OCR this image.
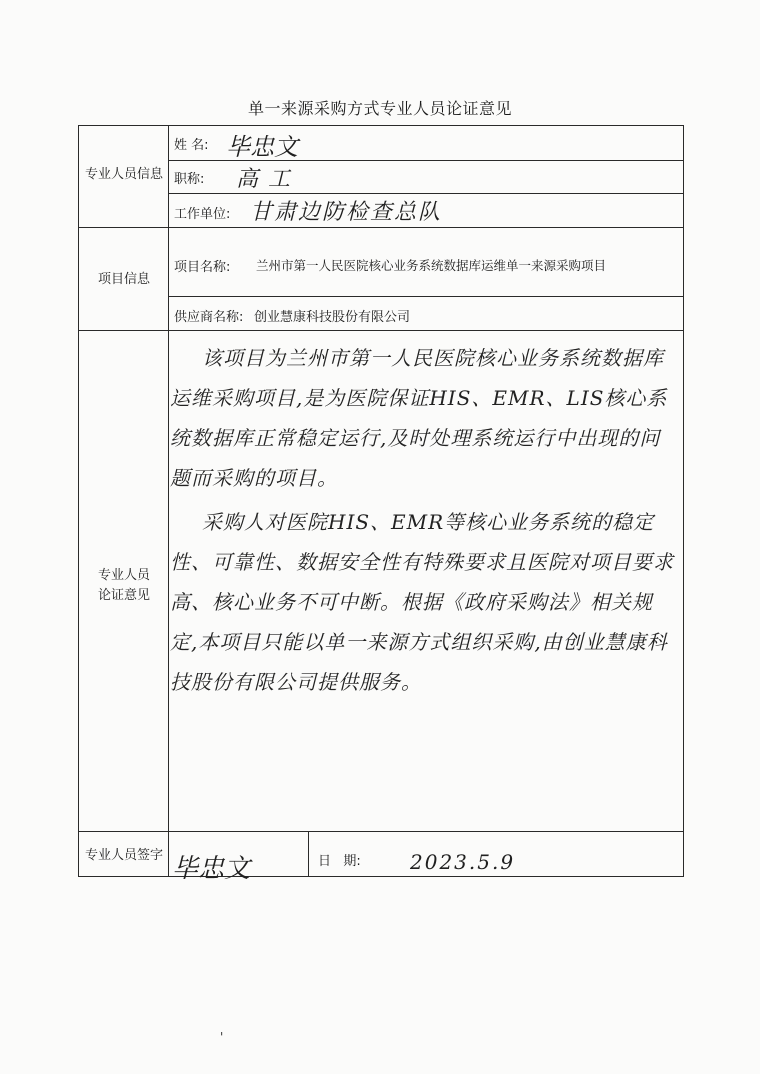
单一来源采购方式专业人员论证意见
专业人员信息
项目信息
专业人员
论证意见
专业人员签字
姓 名: 毕忠文
职称: 高工
工作单位: 甘肃边防检查总队
项目名称: 兰州市第一人民医院核心业务系统数据库运维单一来源采购项目
供应商名称: 创业慧康科技股份有限公司

该项目为兰州市第一人民医院核心业务系统数据库运维采购项目,是为医院保证HIS、EMR、LIS核心系统数据库正常稳定运行,及时处理系统运行中出现的问题而采购的项目。

采购人对医院HIS、EMR等核心业务系统的稳定性、可靠性、数据安全性有特殊要求且医院对项目要求高、核心业务不可中断。根据《政府采购法》相关规定,本项目只能以单一来源方式组织采购,由创业慧康科技股份有限公司提供服务。

毕忠文	日   期: 2023.5.9
'
